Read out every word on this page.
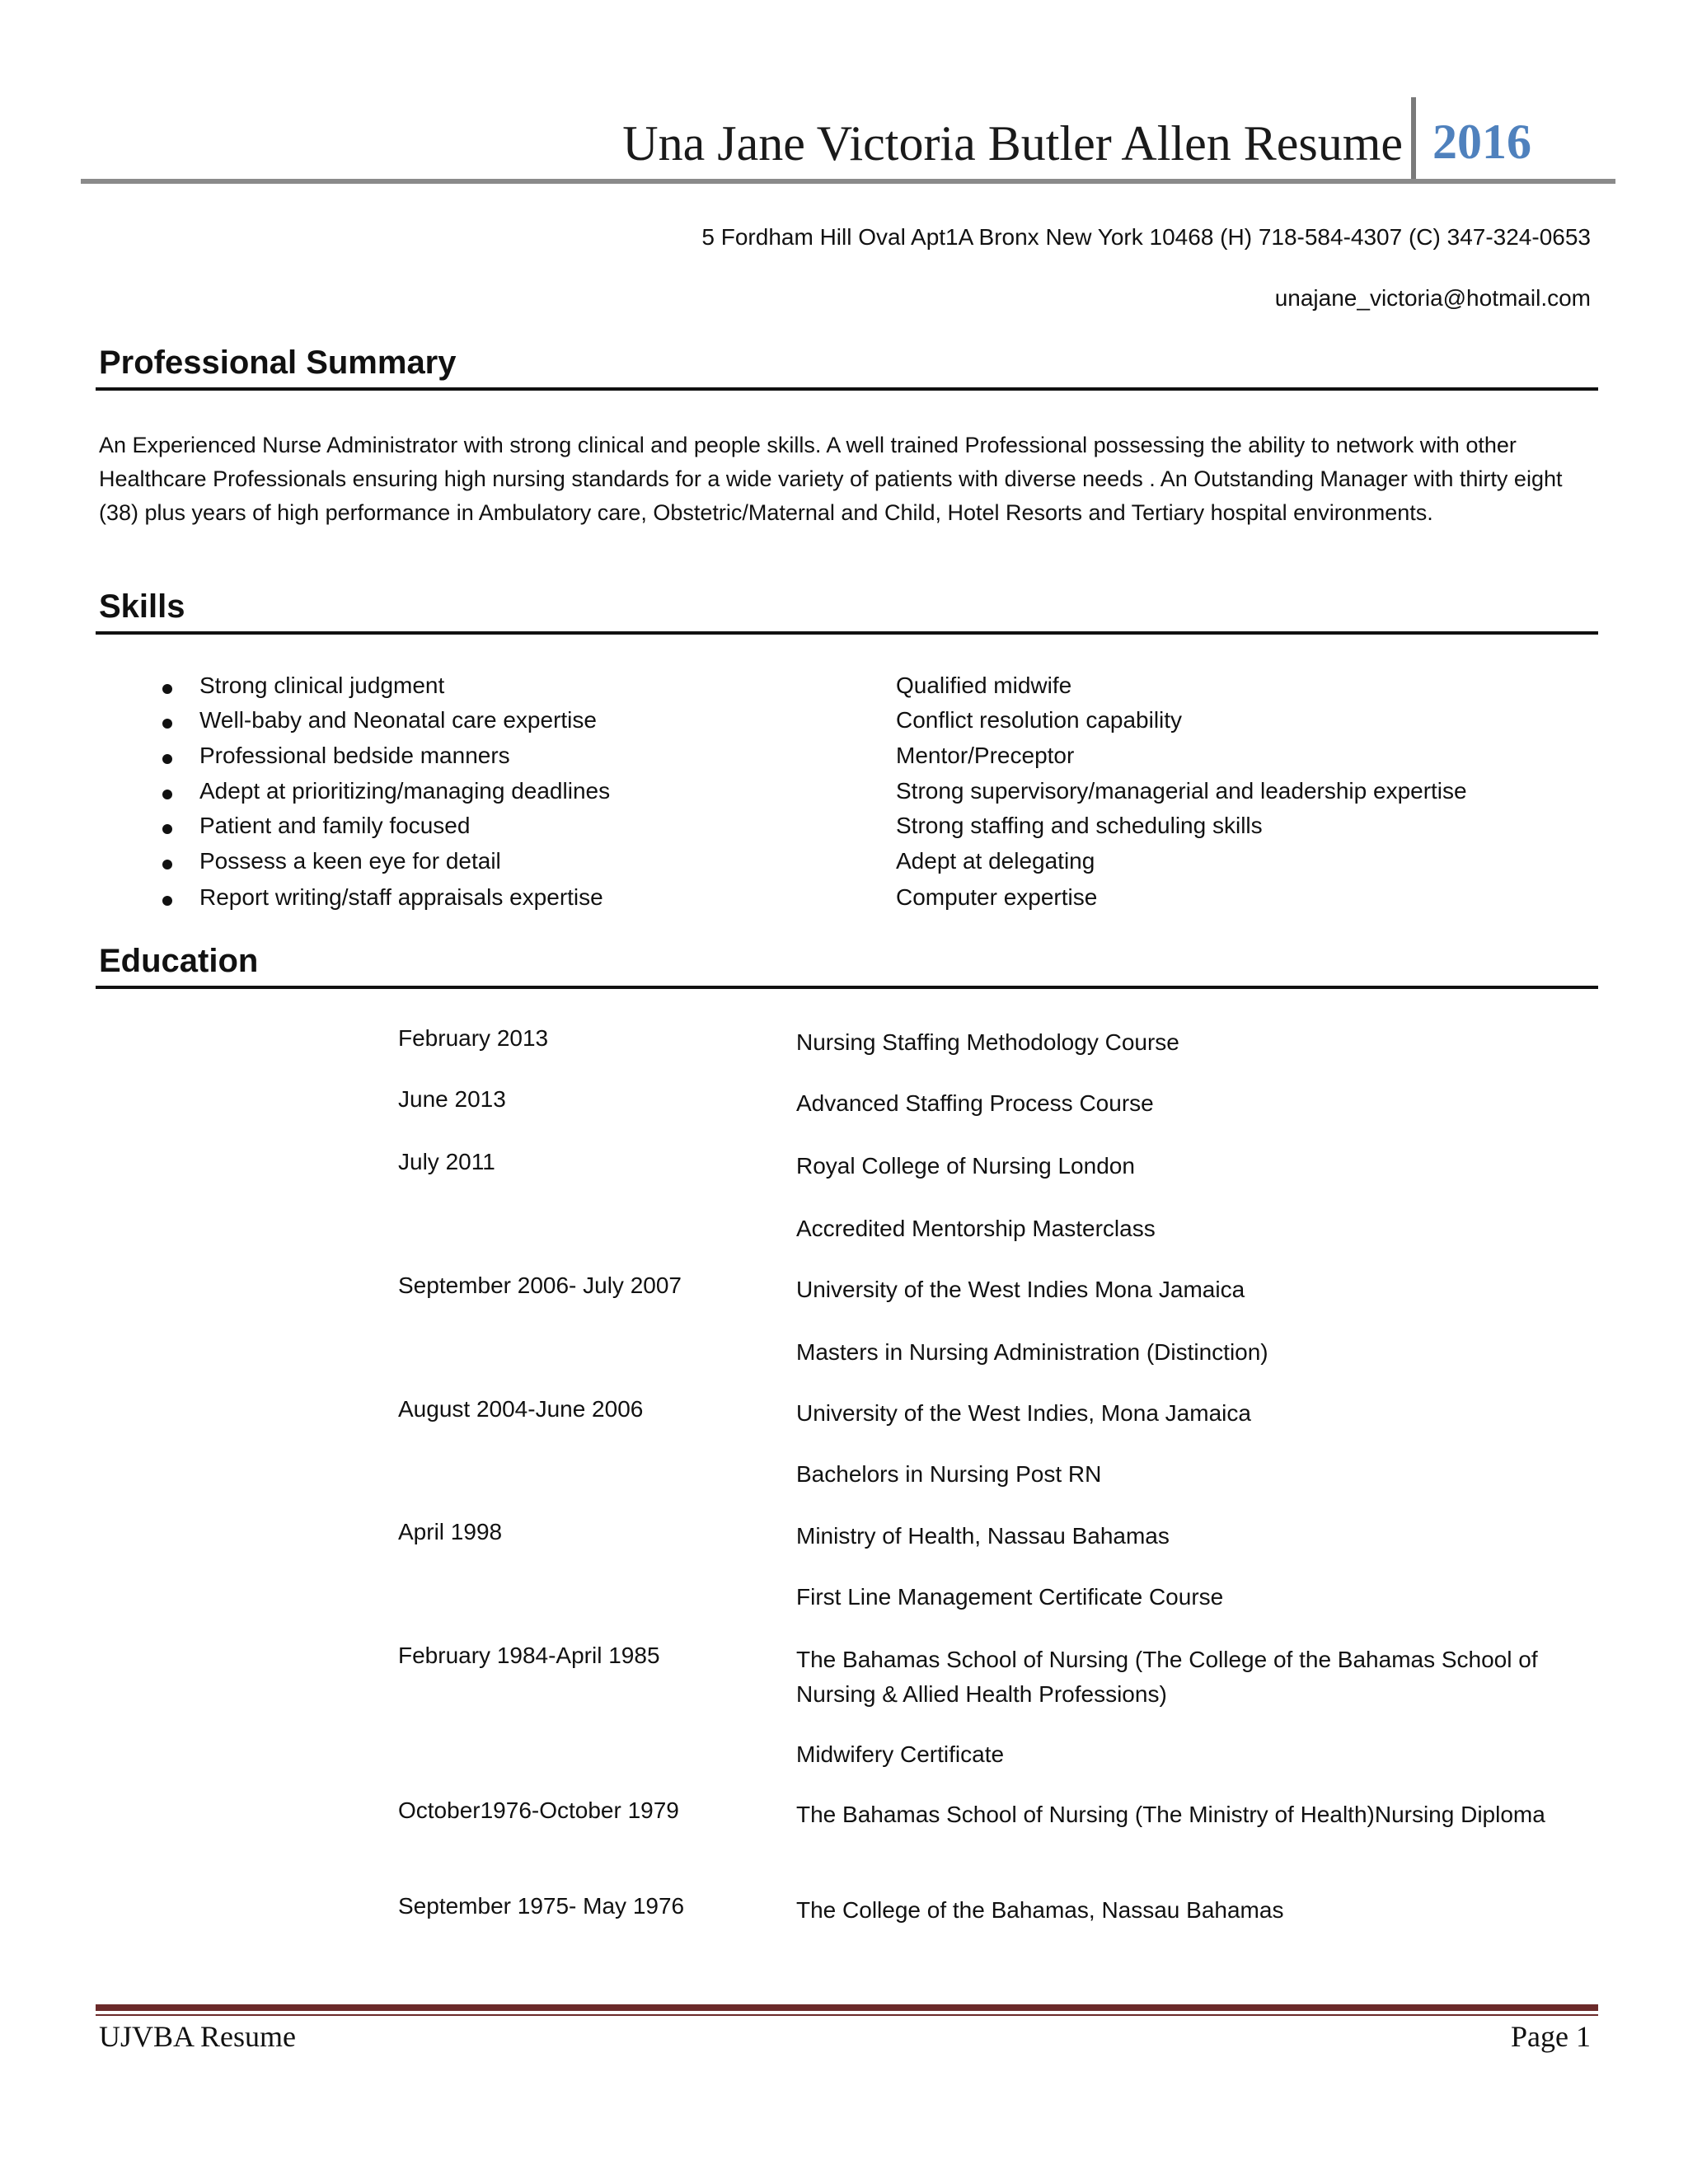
Una Jane Victoria Butler Allen Resume 2016
5 Fordham Hill Oval Apt1A Bronx New York 10468 (H) 718-584-4307 (C) 347-324-0653
unajane_victoria@hotmail.com
Professional Summary
An Experienced Nurse Administrator with strong clinical and people skills. A well trained Professional possessing the ability to network with other Healthcare Professionals ensuring high nursing standards for a wide variety of patients with diverse needs . An Outstanding Manager with thirty eight (38) plus years of high performance in Ambulatory care, Obstetric/Maternal and Child, Hotel Resorts and Tertiary hospital environments.
Skills
Strong clinical judgment	Qualified midwife
Well-baby and Neonatal care expertise	Conflict resolution capability
Professional bedside manners	Mentor/Preceptor
Adept at prioritizing/managing deadlines	Strong supervisory/managerial and leadership expertise
Patient and family focused	Strong staffing and scheduling skills
Possess a keen eye for detail	Adept at delegating
Report writing/staff appraisals expertise	Computer expertise
Education
February 2013	Nursing Staffing Methodology Course
June 2013	Advanced Staffing Process Course
July 2011	Royal College of Nursing London
Accredited Mentorship Masterclass
September 2006- July 2007	University of the West Indies Mona Jamaica
Masters in Nursing Administration (Distinction)
August 2004-June 2006	University of the West Indies, Mona Jamaica
Bachelors in Nursing Post RN
April 1998	Ministry of Health, Nassau Bahamas
First Line Management Certificate Course
February 1984-April 1985	The Bahamas School of Nursing (The College of the Bahamas School of Nursing & Allied Health Professions)
Midwifery Certificate
October1976-October 1979	The Bahamas School of Nursing (The Ministry of Health)Nursing Diploma
September 1975- May 1976	The College of the Bahamas, Nassau Bahamas
UJVBA Resume	Page 1
